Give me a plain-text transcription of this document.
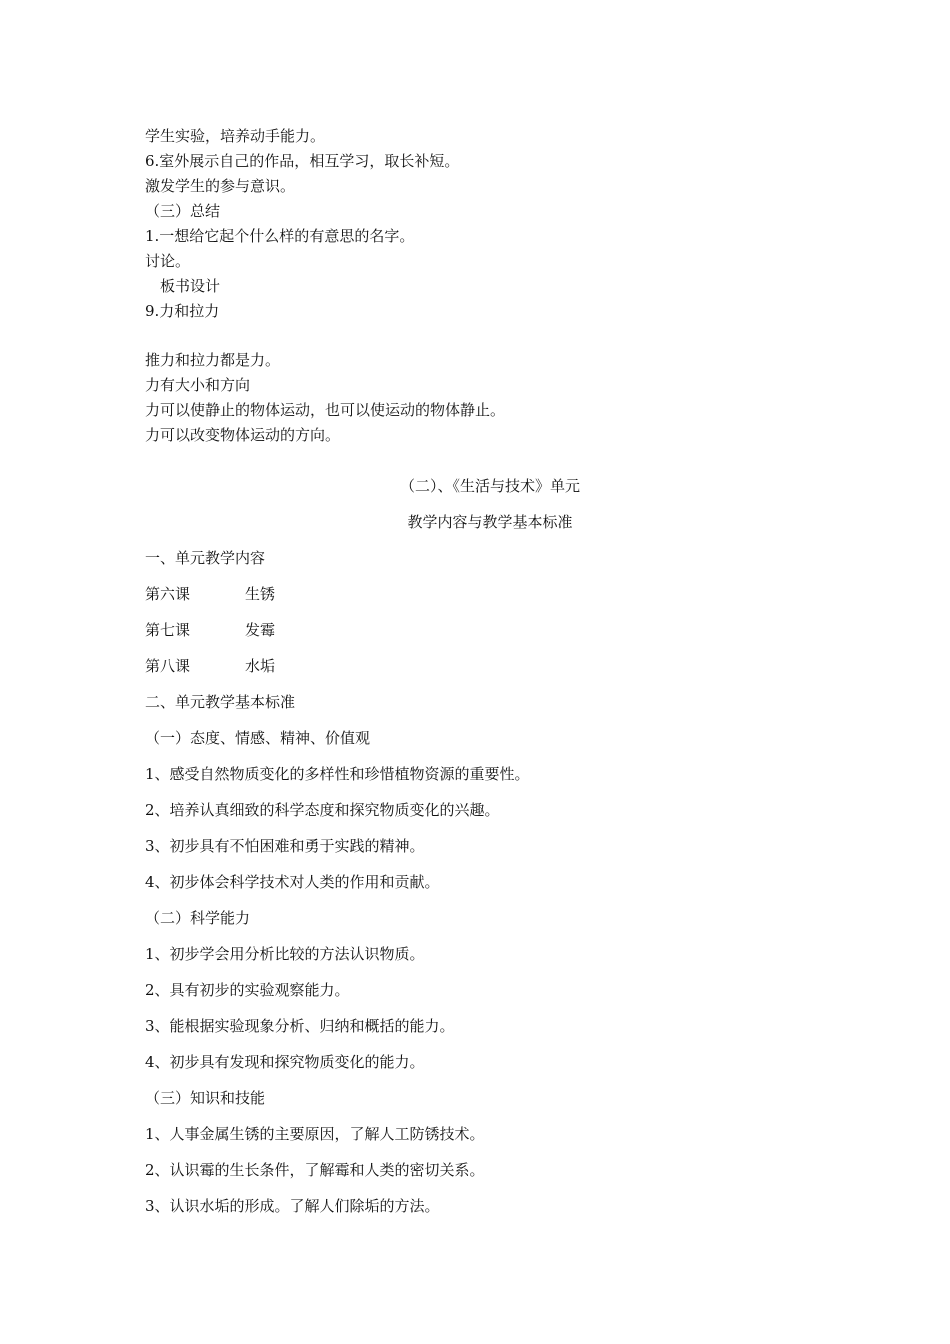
学生实验，培养动手能力。

6.室外展示自己的作品，相互学习，取长补短。

激发学生的参与意识。

（三）总结

1.一想给它起个什么样的有意思的名字。

讨论。

板书设计

9.力和拉力

推力和拉力都是力。

力有大小和方向

力可以使静止的物体运动，也可以使运动的物体静止。

力可以改变物体运动的方向。

（二）、《生活与技术》单元

教学内容与教学基本标准

一、单元教学内容

第六课	生锈
第七课	发霉
第八课	水垢

二、单元教学基本标准

（一）态度、情感、精神、价值观

1、感受自然物质变化的多样性和珍惜植物资源的重要性。

2、培养认真细致的科学态度和探究物质变化的兴趣。

3、初步具有不怕困难和勇于实践的精神。

4、初步体会科学技术对人类的作用和贡献。

（二）科学能力

1、初步学会用分析比较的方法认识物质。

2、具有初步的实验观察能力。

3、能根据实验现象分析、归纳和概括的能力。

4、初步具有发现和探究物质变化的能力。

（三）知识和技能

1、人事金属生锈的主要原因，了解人工防锈技术。

2、认识霉的生长条件，了解霉和人类的密切关系。

3、认识水垢的形成。了解人们除垢的方法。
